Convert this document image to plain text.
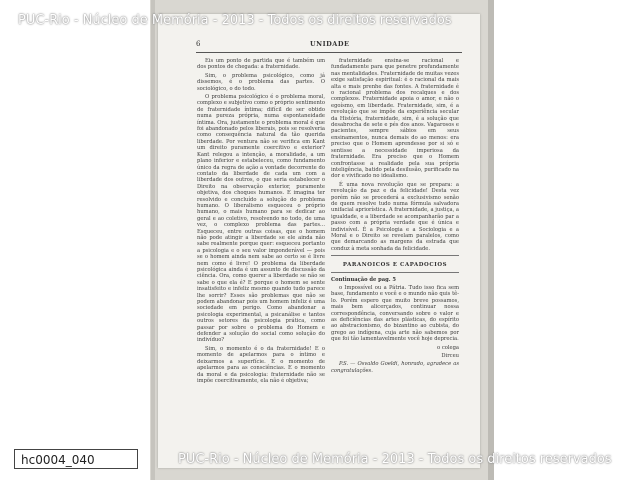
6	UNIDADE

Eis um ponto de partida que é também um dos pontos de chegada: a fraternidade.

Sim, o problema psicológico, como já dissemos, é o problema das partes. O sociológico, o do todo.

O problema psicológico é o problema moral, complexo e subjetivo como o próprio sentimento de fraternidade íntima; difícil de ser obtido numa pureza própria, numa espontaneidade íntima. Ora, justamente o problema moral é que foi abandonado pelos liberais, pois se resolveria como consequência natural da tão querida liberdade. Por ventura não se verifica em Kant um direito puramente coercitivo e exterior? Kant relegou a intenção, a moralidade, a um plano inferior e estabeleceu, como fundamento único da regra de ação a vontade decorrente do contato da liberdade de cada um com a liberdade dos outros, o que seria estabelecer o Direito na observação exterior, puramente objetiva, dos choques humanos. E imagina ter resolvido e concluído a solução do problema humano. O liberalismo esqueceu o próprio humano, o mais humano para se dedicar ao geral e ao coletivo, resolvendo no todo, de uma vez, o complexo problema das partes... Esqueceu, entre outras coisas, que o homem não pode atingir a liberdade se ele ainda não sabe realmente porque quer: esqueceu portanto a psicologia e o seu valor imponderável — pois se o homem ainda nem sabe ao certo se é livre nem como é livre! O problema da liberdade psicológica ainda é um assunto de discussão da ciência. Ora, como querer a liberdade se não se sabe o que ela é? E porque o homem se sente insatisfeito e infeliz mesmo quando tudo parece lhe sorrir? Esses são problemas que não se podem abandonar pois um homem infeliz é uma sociedade em perigo. Como abandonar a psicologia experimental, a psicanálise e tantos outros setores da psicologia prática, como passar por sobre o problema do Homem e defender a solução do social como solução do indivíduo?

Sim, o momento é o da fraternidade! E o momento de apelarmos para o íntimo e deixarmos a superfície. E o momento de apelarmos para as consciências. E o momento da moral e da psicologia: fraternidade não se impõe coercitivamente, ela não é objetiva;

fraternidade ensina-se racional e fundadamente para que penetre profundamente nas mentalidades. Fraternidade de muitas vezes exige satisfação espiritual: é o racional da mais alta e mais prenhe das fontes. A fraternidade é o racional problema dos recalques e dos complexos. Fraternidade apoia o amor, e não o egoísmo, em liberdade. Fraternidade, sim, é a revolução que se impõe da experiência secular da História, fraternidade, sim, é a solução que desabrocha de sete e pés dos anos. Vagarosos e pacientes, sempre sábios em seus ensinamentos, nunca demais do ao menos: era preciso que o Homem aprendesse por si só e sentisse a necessidade imperiosa da fraternidade. Era preciso que o Homem confrontasse a realidade pela sua própria inteligência, batido pela desilusão, purificado na dor e vivificado no idealismo.

É uma nova revolução que se prepara: a revolução da paz e da felicidade! Desta vez porém não se procederá a exclusivismo senão de quem resolve tudo numa fórmula salvadora unifacial apriorística. A fraternidade, a justiça, a igualdade, e a liberdade se acompanharão par a passo com a própria verdade que é única e indivisível. É a Psicologia e a Sociologia e a Moral e o Direito se revelam paralelos, como que demarcando as margens da estrada que conduz à meta sonhada da felicidade.

PARANOICOS E CAPADOCIOS
Continuação de pag. 5

o Impossível ou a Pátria. Tudo isso fica sem base, fundamento e você e o mundo não quis tê-lo. Porém espero que muito breve possamos, mais bem alicerçados, continuar nossa correspondência, conversando sobre o valor e as deficiências das artes plásticas, do espírito ao abstracionismo, do bizantino ao cubista, do grego ao indígena, cuja arte não sabemos por que foi tão lamentavelmente você hoje deprecia.

o colega

Dirceu

P.S. — Osvaldo Goeldi, honrado, agradece as congratulações.

PUC-Rio - Núcleo de Memória - 2013 - Todos os direitos reservados
PUC-Rio - Núcleo de Memória - 2013 - Todos os direitos reservados
hc0004_040
